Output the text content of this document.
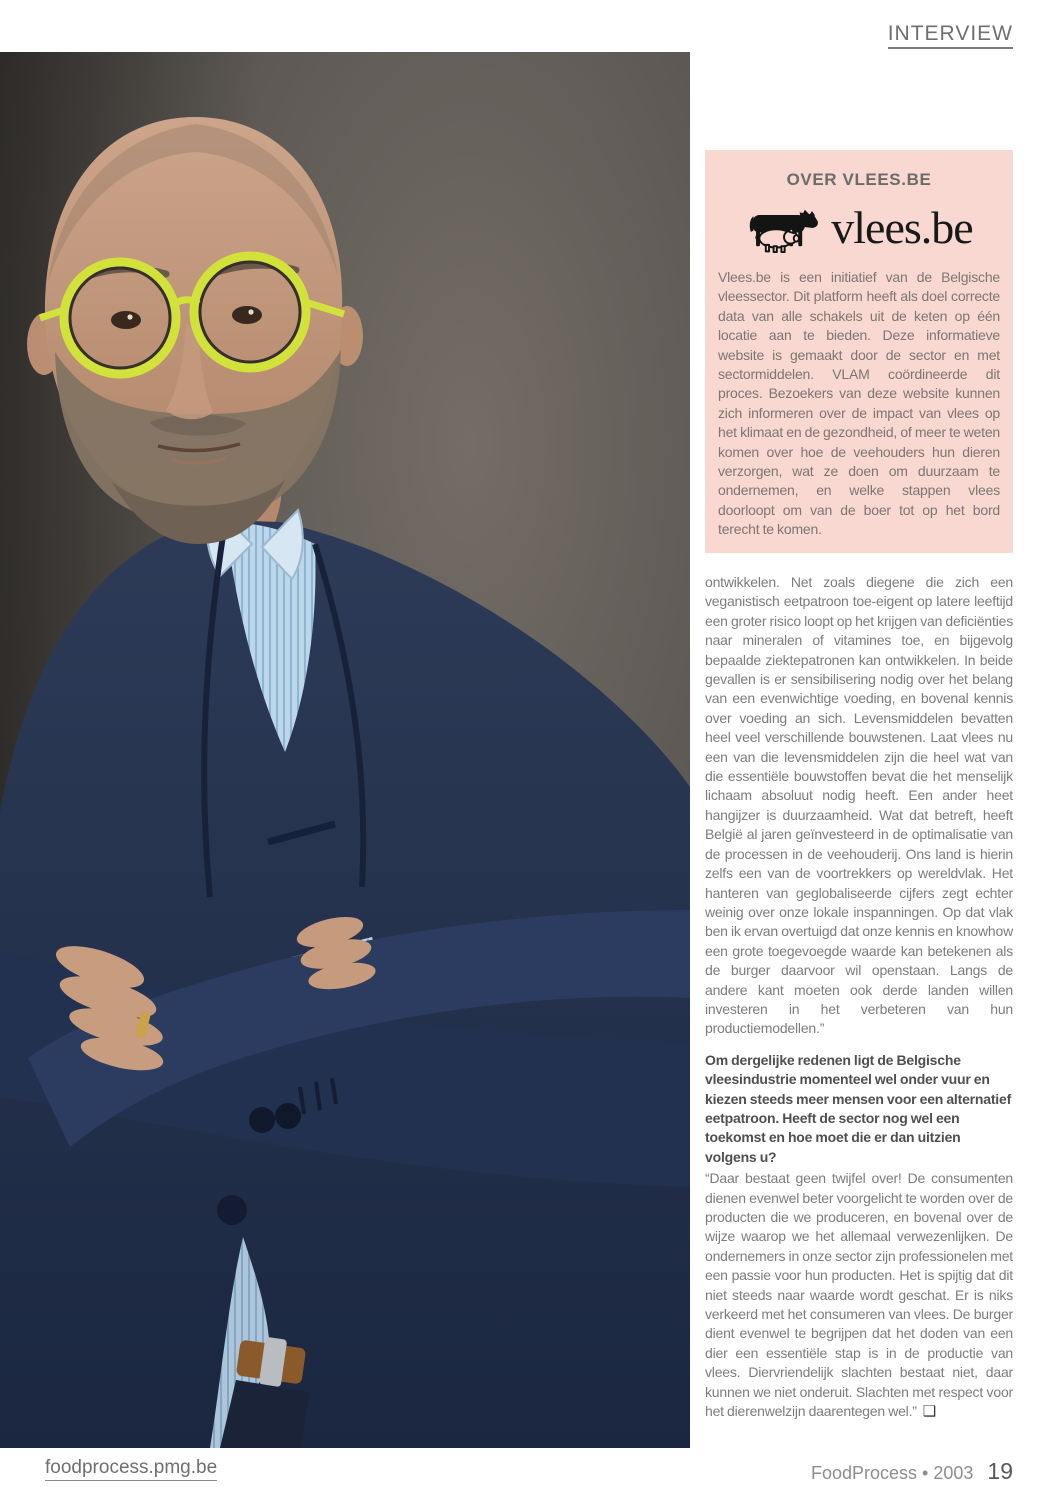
INTERVIEW
OVER VLEES.BE
vlees.be
Vlees.be is een initiatief van de Belgische vleessector. Dit platform heeft als doel correcte data van alle schakels uit de keten op één locatie aan te bieden. Deze informatieve website is gemaakt door de sector en met sectormiddelen. VLAM coördineerde dit proces. Bezoekers van deze website kunnen zich informeren over de impact van vlees op het klimaat en de gezondheid, of meer te weten komen over hoe de veehouders hun dieren verzorgen, wat ze doen om duurzaam te ondernemen, en welke stappen vlees doorloopt om van de boer tot op het bord terecht te komen.

ontwikkelen. Net zoals diegene die zich een veganistisch eetpatroon toe-eigent op latere leeftijd een groter risico loopt op het krijgen van deficiënties naar mineralen of vitamines toe, en bijgevolg bepaalde ziektepatronen kan ontwikkelen. In beide gevallen is er sensibilisering nodig over het belang van een evenwichtige voeding, en bovenal kennis over voeding an sich. Levensmiddelen bevatten heel veel verschillende bouwstenen. Laat vlees nu een van die levensmiddelen zijn die heel wat van die essentiële bouwstoffen bevat die het menselijk lichaam absoluut nodig heeft. Een ander heet hangijzer is duurzaamheid. Wat dat betreft, heeft België al jaren geïnvesteerd in de optimalisatie van de processen in de veehouderij. Ons land is hierin zelfs een van de voortrekkers op wereldvlak. Het hanteren van geglobaliseerde cijfers zegt echter weinig over onze lokale inspanningen. Op dat vlak ben ik ervan overtuigd dat onze kennis en knowhow een grote toegevoegde waarde kan betekenen als de burger daarvoor wil openstaan. Langs de andere kant moeten ook derde landen willen investeren in het verbeteren van hun productiemodellen.”

Om dergelijke redenen ligt de Belgische vleesindustrie momenteel wel onder vuur en kiezen steeds meer mensen voor een alternatief eetpatroon. Heeft de sector nog wel een toekomst en hoe moet die er dan uitzien volgens u?

“Daar bestaat geen twijfel over! De consumenten dienen evenwel beter voorgelicht te worden over de producten die we produceren, en bovenal over de wijze waarop we het allemaal verwezenlijken. De ondernemers in onze sector zijn professionelen met een passie voor hun producten. Het is spijtig dat dit niet steeds naar waarde wordt geschat. Er is niks verkeerd met het consumeren van vlees. De burger dient evenwel te begrijpen dat het doden van een dier een essentiële stap is in de productie van vlees. Diervriendelijk slachten bestaat niet, daar kunnen we niet onderuit. Slachten met respect voor het dierenwelzijn daarentegen wel.” ❑

foodprocess.pmg.be	FoodProcess • 2003 19
